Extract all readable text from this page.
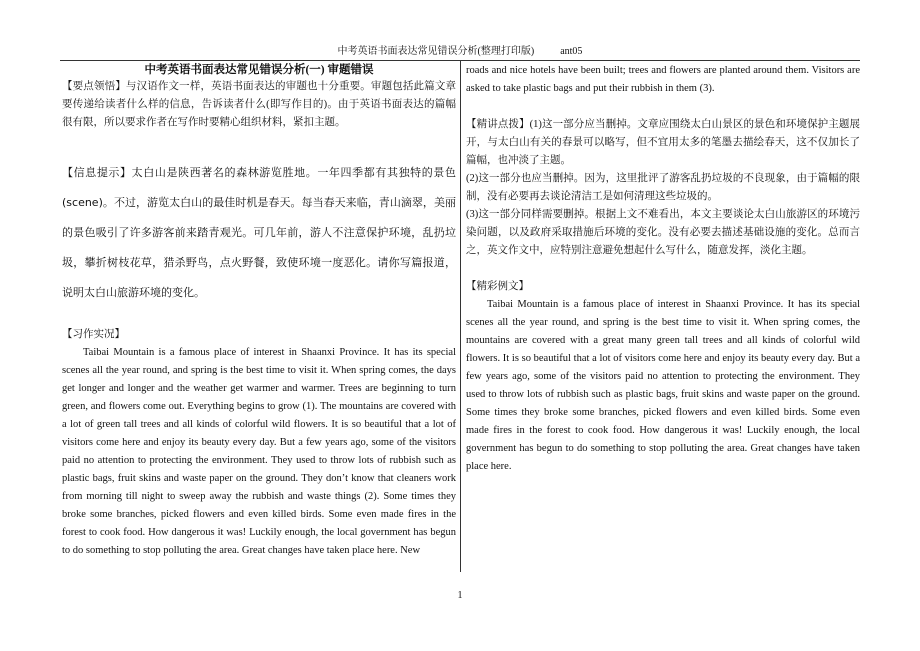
中考英语书面表达常见错误分析(整理打印版)	ant05
中考英语书面表达常见错误分析(一) 审题错误

【要点领悟】与汉语作文一样，英语书面表达的审题也十分重要。审题包括此篇文章要传递给读者什么样的信息，告诉读者什么(即写作目的)。由于英语书面表达的篇幅很有限，所以要求作者在写作时要精心组织材料，紧扣主题。

【信息提示】太白山是陕西著名的森林游览胜地。一年四季都有其独特的景色(scene)。不过，游览太白山的最佳时机是春天。每当春天来临，青山滴翠，美丽的景色吸引了许多游客前来踏青观光。可几年前，游人不注意保护环境，乱扔垃圾，攀折树枝花草，猎杀野鸟，点火野餐，致使环境一度恶化。请你写篇报道，说明太白山旅游环境的变化。

【习作实况】

Taibai Mountain is a famous place of interest in Shaanxi Province. It has its special scenes all the year round, and spring is the best time to visit it. When spring comes, the days get longer and longer and the weather get warmer and warmer. Trees are beginning to turn green, and flowers come out. Everything begins to grow (1). The mountains are covered with a lot of green tall trees and all kinds of colorful wild flowers. It is so beautiful that a lot of visitors come here and enjoy its beauty every day. But a few years ago, some of the visitors paid no attention to protecting the environment. They used to throw lots of rubbish such as plastic bags, fruit skins and waste paper on the ground. They don’t know that cleaners work from morning till night to sweep away the rubbish and waste things (2). Some times they broke some branches, picked flowers and even killed birds. Some even made fires in the forest to cook food. How dangerous it was! Luckily enough, the local government has begun to do something to stop polluting the area. Great changes have taken place here. New

roads and nice hotels have been built; trees and flowers are planted around them. Visitors are asked to take plastic bags and put their rubbish in them (3).

【精讲点拨】(1)这一部分应当删掉。文章应围绕太白山景区的景色和环境保护主题展开，与太白山有关的春景可以略写，但不宜用太多的笔墨去描绘春天，这不仅加长了篇幅，也冲淡了主题。

(2)这一部分也应当删掉。因为，这里批评了游客乱扔垃圾的不良现象，由于篇幅的限制，没有必要再去谈论清洁工是如何清理这些垃圾的。

(3)这一部分同样需要删掉。根据上文不难看出，本文主要谈论太白山旅游区的环境污染问题，以及政府采取措施后环境的变化。没有必要去描述基础设施的变化。总而言之，英文作文中，应特别注意避免想起什么写什么，随意发挥，淡化主题。

【精彩例文】

Taibai Mountain is a famous place of interest in Shaanxi Province. It has its special scenes all the year round, and spring is the best time to visit it. When spring comes, the mountains are covered with a great many green tall trees and all kinds of colorful wild flowers. It is so beautiful that a lot of visitors come here and enjoy its beauty every day. But a few years ago, some of the visitors paid no attention to protecting the environment. They used to throw lots of rubbish such as plastic bags, fruit skins and waste paper on the ground. Some times they broke some branches, picked flowers and even killed birds. Some even made fires in the forest to cook food. How dangerous it was! Luckily enough, the local government has begun to do something to stop polluting the area. Great changes have taken place here.

1
